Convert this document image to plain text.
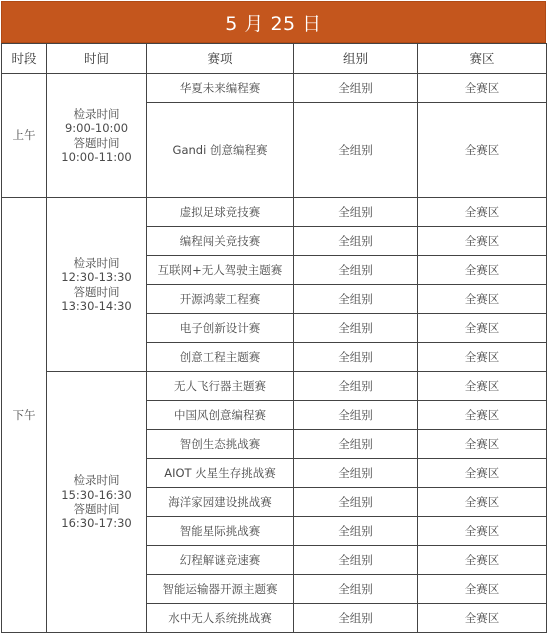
5 月 25 日
时段	时间	赛项	组别	赛区
上午	检录时间
9:00-10:00
答题时间
10:00-11:00	华夏未来编程赛	全组别	全赛区
		Gandi 创意编程赛	全组别	全赛区
下午	检录时间
12:30-13:30
答题时间
13:30-14:30	虚拟足球竞技赛	全组别	全赛区
		编程闯关竞技赛	全组别	全赛区
		互联网+无人驾驶主题赛	全组别	全赛区
		开源鸿蒙工程赛	全组别	全赛区
		电子创新设计赛	全组别	全赛区
		创意工程主题赛	全组别	全赛区

	检录时间
15:30-16:30
答题时间
16:30-17:30	无人飞行器主题赛	全组别	全赛区
		中国风创意编程赛	全组别	全赛区
		智创生态挑战赛	全组别	全赛区
		AIOT 火星生存挑战赛	全组别	全赛区
		海洋家园建设挑战赛	全组别	全赛区
		智能星际挑战赛	全组别	全赛区
		幻程解谜竞速赛	全组别	全赛区
		智能运输器开源主题赛	全组别	全赛区
		水中无人系统挑战赛	全组别	全赛区
